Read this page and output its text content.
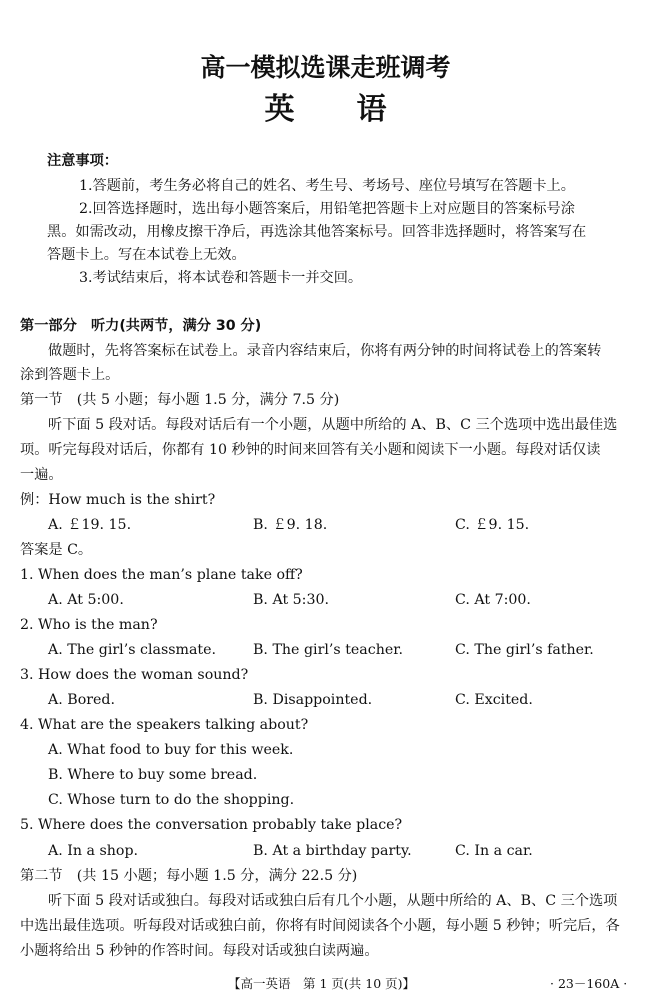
高一模拟选课走班调考
英 语
注意事项：
1.答题前，考生务必将自己的姓名、考生号、考场号、座位号填写在答题卡上。
2.回答选择题时，选出每小题答案后，用铅笔把答题卡上对应题目的答案标号涂
黑。如需改动，用橡皮擦干净后，再选涂其他答案标号。回答非选择题时，将答案写在
答题卡上。写在本试卷上无效。
3.考试结束后，将本试卷和答题卡一并交回。
第一部分　听力(共两节，满分 30 分)
做题时，先将答案标在试卷上。录音内容结束后，你将有两分钟的时间将试卷上的答案转
涂到答题卡上。
第一节　(共 5 小题；每小题 1.5 分，满分 7.5 分)
听下面 5 段对话。每段对话后有一个小题，从题中所给的 A、B、C 三个选项中选出最佳选
项。听完每段对话后，你都有 10 秒钟的时间来回答有关小题和阅读下一小题。每段对话仅读
一遍。
例：How much is the shirt?
A. ￡19. 15.	B. ￡9. 18.	C. ￡9. 15.
答案是 C。
1. When does the man’s plane take off?
A. At 5:00.	B. At 5:30.	C. At 7:00.
2. Who is the man?
A. The girl’s classmate.	B. The girl’s teacher.	C. The girl’s father.
3. How does the woman sound?
A. Bored.	B. Disappointed.	C. Excited.
4. What are the speakers talking about?
A. What food to buy for this week.
B. Where to buy some bread.
C. Whose turn to do the shopping.
5. Where does the conversation probably take place?
A. In a shop.	B. At a birthday party.	C. In a car.
第二节　(共 15 小题；每小题 1.5 分，满分 22.5 分)
听下面 5 段对话或独白。每段对话或独白后有几个小题，从题中所给的 A、B、C 三个选项
中选出最佳选项。听每段对话或独白前，你将有时间阅读各个小题，每小题 5 秒钟；听完后，各
小题将给出 5 秒钟的作答时间。每段对话或独白读两遍。
【高一英语　第 1 页(共 10 页)】	· 23－160A ·
